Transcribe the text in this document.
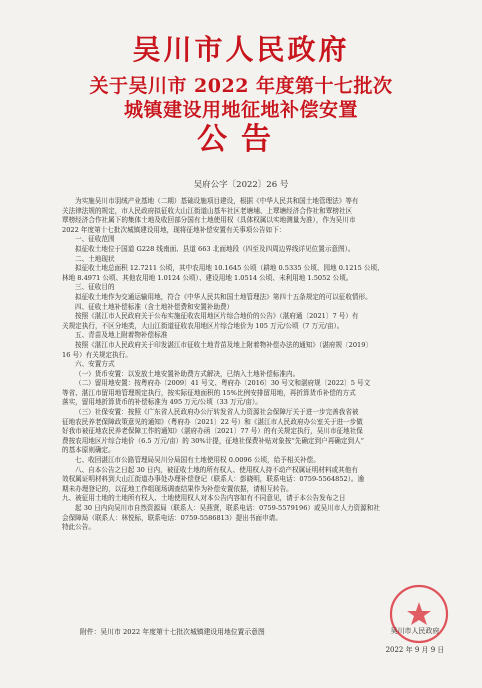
吴川市人民政府
关于吴川市 2022 年度第十七批次
城镇建设用地征地补偿安置
公告
吴府公字〔2022〕26 号

为实施吴川市羽绒产业基地（二期）基础设施项目建设，根据《中华人民共和国土地管理法》等有

关法律法规的规定，市人民政府拟征收大山江街道山基车社区老塘埔、上覃塘经济合作社和覃榜社区

覃榜经济合作社属下的集体土地及收回部分国有土地使用权（具体权属以实地测量为准），作为吴川市

2022 年度第十七批次城镇建设用地，现将征地补偿安置有关事项公告如下：

一、征收范围

拟征收土地位于国道 G228 线南面、县道 663 北面地段（四至及四周边界线详见位置示意图）。

二、土地现状

拟征收土地总面积 12.7211 公顷，其中农用地 10.1645 公顷（耕地 0.5335 公顷、园地 0.1215 公顷、

林地 8.4971 公顷、其他农用地 1.0124 公顷）、建设用地 1.0514 公顷、未利用地 1.5052 公顷。

三、征收目的

拟征收土地作为交通运输用地，符合《中华人民共和国土地管理法》第四十五条规定的可以征收情形。

四、征收土地补偿标准（含土地补偿费和安置补助费）

按照《湛江市人民政府关于公布实施征收农用地区片综合地价的公告》（湛府通〔2021〕7 号）有

关规定执行，不区分地类，大山江街道征收农用地区片综合地价为 105 万元/公顷（7 万元/亩）。

五、青苗及地上附着物补偿标准

按照《湛江市人民政府关于印发湛江市征收土地青苗及地上附着物补偿办法的通知》（湛府规〔2019〕

16 号）有关规定执行。

六、安置方式

（一）货币安置：以发放土地安置补助费方式解决，已纳入土地补偿标准内。

（二）留用地安置：按粤府办〔2009〕41 号文、粤府办〔2016〕30 号文和湛府规〔2022〕5 号文

等省、湛江市留用地管理规定执行，按实际征地面积的 15%比例安排留用地，再折算货币补偿的方式

落实，留用地折算货币的补偿标准为 495 万元/公顷（33 万元/亩）。

（三）社保安置：按照《广东省人民政府办公厅转发省人力资源社会保障厅关于进一步完善我省被

征地农民养老保障政策意见的通知》（粤府办〔2021〕22 号）和《湛江市人民政府办公室关于进一步做

好我市被征地农民养老保障工作的通知》（湛府办函〔2021〕77 号）的有关规定执行，吴川市征地社保

费按农用地区片综合地价（6.5 万元/亩）的 30%计提，征地社保费补贴对象按“先确定到户再确定到人”

的基本原则确定。

七、收回湛江市公路管理局吴川分局国有土地使用权 0.0096 公顷，给予相关补偿。

八、自本公告之日起 30 日内，被征收土地的所有权人、使用权人持不动产权属证明材料或其他有

效权属证明材料到大山江街道办事处办理补偿登记（联系人：彭晓明，联系电话：0759-5564852）。逾

期未办理登记的，以征地工作组现场调查结果作为补偿安置依据，请相互转告。

九、被征用土地的土地所有权人、土地使用权人对本公告内容如有不同意见，请于本公告发布之日

起 30 日内向吴川市自然资源局（联系人：吴燕贤，联系电话：0759-5579196）或吴川市人力资源和社

会保障局（联系人：林悦标，联系电话：0759-5586813）提出书面申请。

特此公告。

附件：吴川市 2022 年度第十七批次城镇建设用地位置示意图	吴川市人民政府
2022 年 9 月 9 日
